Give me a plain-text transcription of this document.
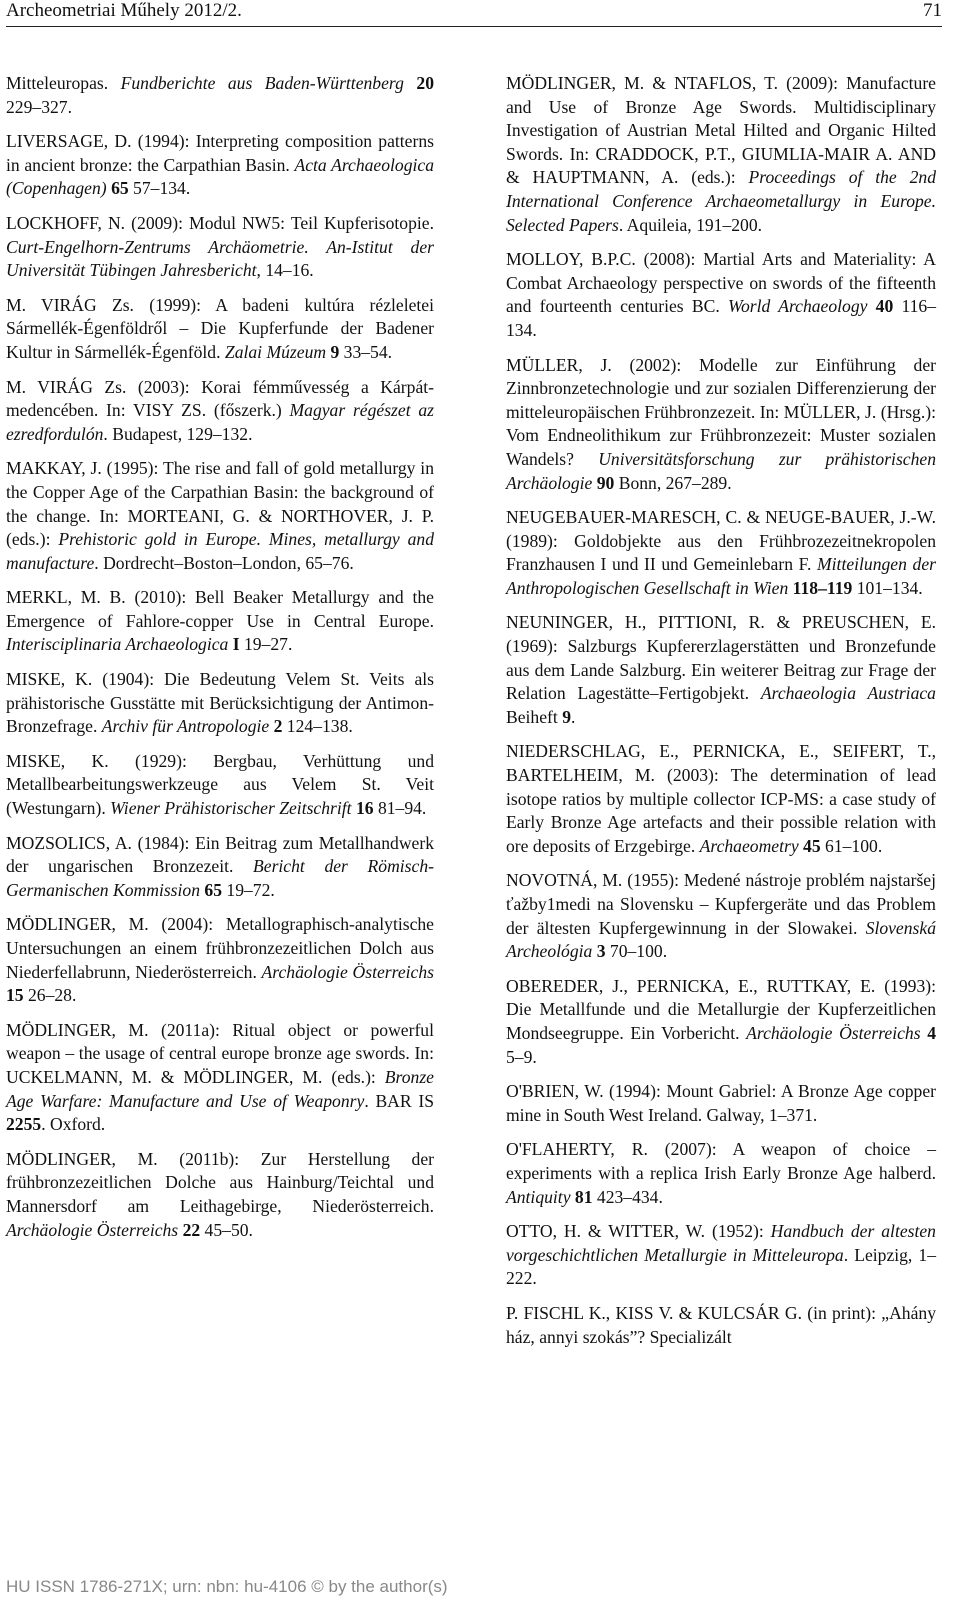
Archeometriai Műhely 2012/2.	71

Mitteleuropas. Fundberichte aus Baden-Württenberg 20 229–327.

LIVERSAGE, D. (1994): Interpreting composition patterns in ancient bronze: the Carpathian Basin. Acta Archaeologica (Copenhagen) 65 57–134.

LOCKHOFF, N. (2009): Modul NW5: Teil Kupferisotopie. Curt-Engelhorn-Zentrums Archäometrie. An-Istitut der Universität Tübingen Jahresbericht, 14–16.

M. VIRÁG Zs. (1999): A badeni kultúra rézleletei Sármellék-Égenföldről – Die Kupferfunde der Badener Kultur in Sármellék-Égenföld. Zalai Múzeum 9 33–54.

M. VIRÁG Zs. (2003): Korai fémművesség a Kárpát-medencében. In: VISY ZS. (főszerk.) Magyar régészet az ezredfordulón. Budapest, 129–132.

MAKKAY, J. (1995): The rise and fall of gold metallurgy in the Copper Age of the Carpathian Basin: the background of the change. In: MORTEANI, G. & NORTHOVER, J. P. (eds.): Prehistoric gold in Europe. Mines, metallurgy and manufacture. Dordrecht–Boston–London, 65–76.

MERKL, M. B. (2010): Bell Beaker Metallurgy and the Emergence of Fahlore-copper Use in Central Europe. Interisciplinaria Archaeologica I 19–27.

MISKE, K. (1904): Die Bedeutung Velem St. Veits als prähistorische Gusstätte mit Berücksichtigung der Antimon-Bronzefrage. Archiv für Antropologie 2 124–138.

MISKE, K. (1929): Bergbau, Verhüttung und Metallbearbeitungswerkzeuge aus Velem St. Veit (Westungarn). Wiener Prähistorischer Zeitschrift 16 81–94.

MOZSOLICS, A. (1984): Ein Beitrag zum Metallhandwerk der ungarischen Bronzezeit. Bericht der Römisch-Germanischen Kommission 65 19–72.

MÖDLINGER, M. (2004): Metallographisch-analytische Untersuchungen an einem frühbronzezeitlichen Dolch aus Niederfellabrunn, Niederösterreich. Archäologie Österreichs 15 26–28.

MÖDLINGER, M. (2011a): Ritual object or powerful weapon – the usage of central europe bronze age swords. In: UCKELMANN, M. & MÖDLINGER, M. (eds.): Bronze Age Warfare: Manufacture and Use of Weaponry. BAR IS 2255. Oxford.

MÖDLINGER, M. (2011b): Zur Herstellung der frühbronzezeitlichen Dolche aus Hainburg/Teichtal und Mannersdorf am Leithagebirge, Niederösterreich. Archäologie Österreichs 22 45–50.

MÖDLINGER, M. & NTAFLOS, T. (2009): Manufacture and Use of Bronze Age Swords. Multidisciplinary Investigation of Austrian Metal Hilted and Organic Hilted Swords. In: CRADDOCK, P.T., GIUMLIA-MAIR A. AND & HAUPTMANN, A. (eds.): Proceedings of the 2nd International Conference Archaeometallurgy in Europe. Selected Papers. Aquileia, 191–200.

MOLLOY, B.P.C. (2008): Martial Arts and Materiality: A Combat Archaeology perspective on swords of the fifteenth and fourteenth centuries BC. World Archaeology 40 116–134.

MÜLLER, J. (2002): Modelle zur Einführung der Zinnbronzetechnologie und zur sozialen Differenzierung der mitteleuropäischen Frühbronzezeit. In: MÜLLER, J. (Hrsg.): Vom Endneolithikum zur Frühbronzezeit: Muster sozialen Wandels? Universitätsforschung zur prähistorischen Archäologie 90 Bonn, 267–289.

NEUGEBAUER-MARESCH, C. & NEUGE-BAUER, J.-W. (1989): Goldobjekte aus den Frühbrozezeitnekropolen Franzhausen I und II und Gemeinlebarn F. Mitteilungen der Anthropologischen Gesellschaft in Wien 118–119 101–134.

NEUNINGER, H., PITTIONI, R. & PREUSCHEN, E. (1969): Salzburgs Kupfererzlagerstätten und Bronzefunde aus dem Lande Salzburg. Ein weiterer Beitrag zur Frage der Relation Lagestätte–Fertigobjekt. Archaeologia Austriaca Beiheft 9.

NIEDERSCHLAG, E., PERNICKA, E., SEIFERT, T., BARTELHEIM, M. (2003): The determination of lead isotope ratios by multiple collector ICP-MS: a case study of Early Bronze Age artefacts and their possible relation with ore deposits of Erzgebirge. Archaeometry 45 61–100.

NOVOTNÁ, M. (1955): Medené nástroje problém najstaršej ťažby1medi na Slovensku – Kupfergeräte und das Problem der ältesten Kupfergewinnung in der Slowakei. Slovenská Archeológia 3 70–100.

OBEREDER, J., PERNICKA, E., RUTTKAY, E. (1993): Die Metallfunde und die Metallurgie der Kupferzeitlichen Mondseegruppe. Ein Vorbericht. Archäologie Österreichs 4 5–9.

O'BRIEN, W. (1994): Mount Gabriel: A Bronze Age copper mine in South West Ireland. Galway, 1–371.

O'FLAHERTY, R. (2007): A weapon of choice – experiments with a replica Irish Early Bronze Age halberd. Antiquity 81 423–434.

OTTO, H. & WITTER, W. (1952): Handbuch der altesten vorgeschichtlichen Metallurgie in Mitteleuropa. Leipzig, 1–222.

P. FISCHL K., KISS V. & KULCSÁR G. (in print): „Ahány ház, annyi szokás”? Specializált

HU ISSN 1786-271X; urn: nbn: hu-4106 © by the author(s)
